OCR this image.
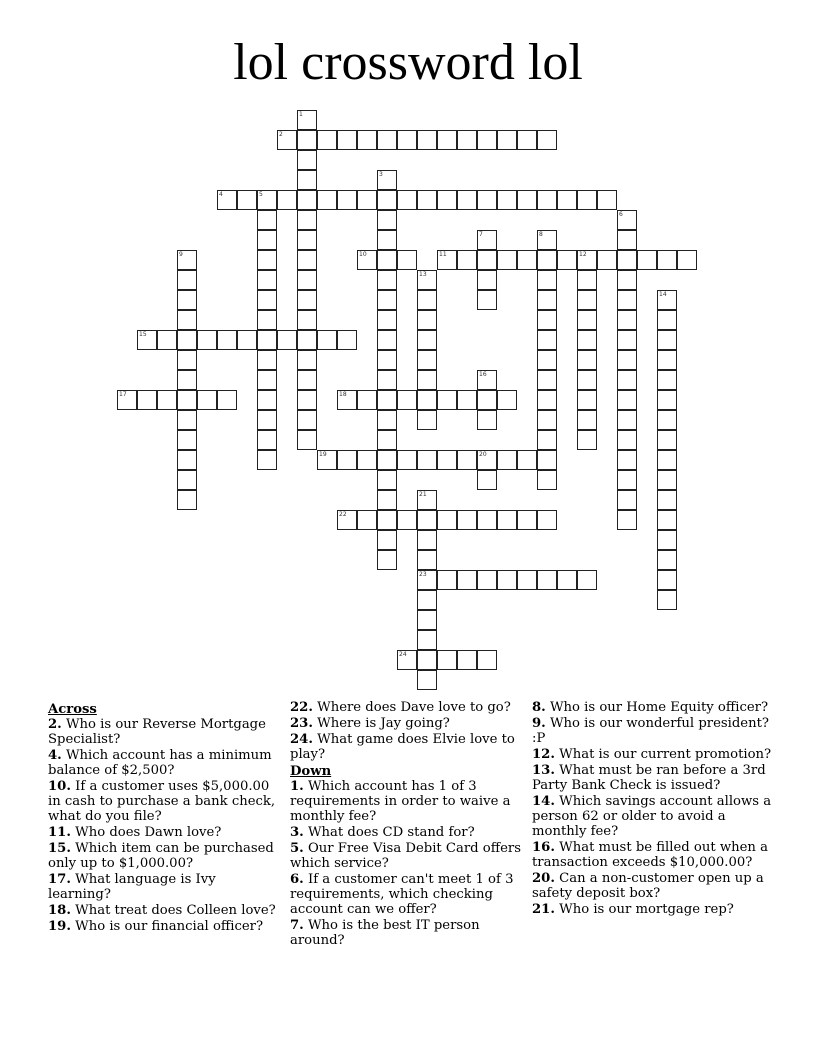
lol crossword lol
1
2
3
4	5
6
7	8
9	10	11	12
13
14
15
16
17	18
19	20
21
23
22
24
Across
2. Who is our Reverse Mortgage Specialist?
4. Which account has a minimum balance of $2,500?
10. If a customer uses $5,000.00 in cash to purchase a bank check, what do you file?
11. Who does Dawn love?
15. Which item can be purchased only up to $1,000.00?
17. What language is Ivy learning?
18. What treat does Colleen love?
19. Who is our financial officer?
22. Where does Dave love to go?
23. Where is Jay going?
24. What game does Elvie love to play?
Down
1. Which account has 1 of 3 requirements in order to waive a monthly fee?
3. What does CD stand for?
5. Our Free Visa Debit Card offers which service?
6. If a customer can't meet 1 of 3 requirements, which checking account can we offer?
7. Who is the best IT person around?
8. Who is our Home Equity officer?
9. Who is our wonderful president? :P
12. What is our current promotion?
13. What must be ran before a 3rd Party Bank Check is issued?
14. Which savings account allows a person 62 or older to avoid a monthly fee?
16. What must be filled out when a transaction exceeds $10,000.00?
20. Can a non-customer open up a safety deposit box?
21. Who is our mortgage rep?
